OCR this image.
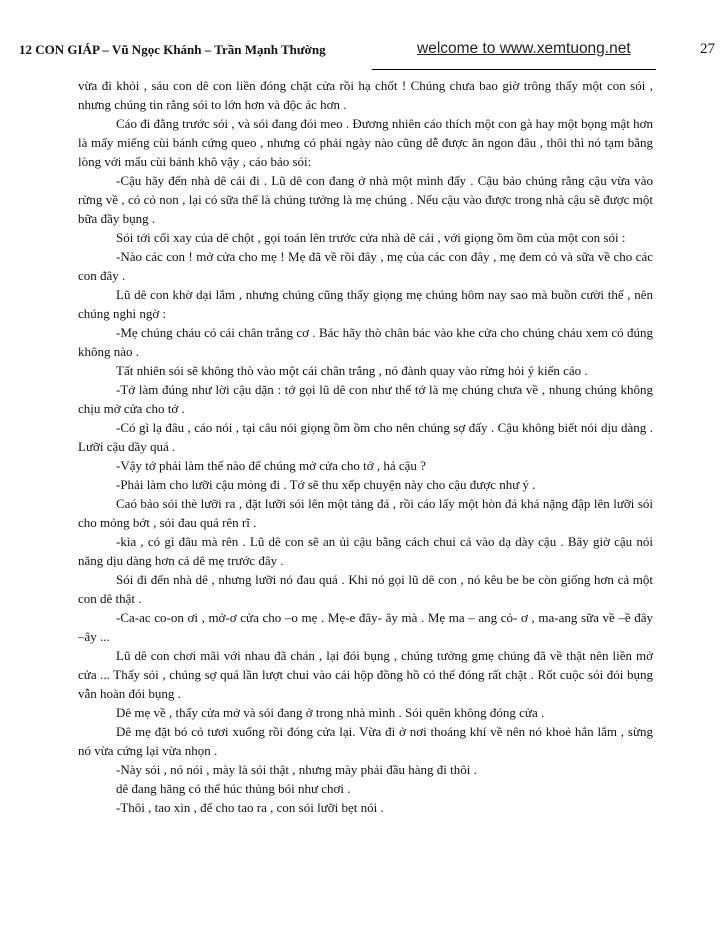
12 CON GIÁP – Vũ Ngọc Khánh – Trần Mạnh Thường	welcome to www.xemtuong.net	27

vừa đi khỏi , sáu con dê con liền đóng chặt cửa rồi hạ chốt ! Chúng chưa bao giờ trông thấy một con sói , nhưng chúng tin rằng sói to lớn hơn và độc ác hơn .

Cáo đi đằng trước sói , và sói đang đói meo . Đương nhiên cáo thích một con gà hay một bọng mật hơn là mấy miếng cùi bánh cứng queo , nhưng có phải ngày nào cũng dễ được ăn ngon đâu , thôi thì nó tạm bằng lòng với mẩu cùi bánh khô vậy , cáo bảo sói:

-Cậu hãy đến nhà dê cái đi . Lũ dê con đang ở nhà một mình đấy . Cậu bảo chúng rằng cậu vừa vào rừng về , có cỏ non , lại có sữa thế là chúng tưởng là mẹ chúng . Nếu cậu vào được trong nhà cậu sẽ được một bữa đầy bụng .

Sói tới cối xay của dê chột , gọi toán lên trước cửa nhà dê cái , với giọng ồm ồm của một con sói :

-Nào các con ! mở cửa cho mẹ ! Mẹ đã về rồi đây , mẹ của các con đây , mẹ đem cỏ và sữa về cho các con đây .

Lũ dê con khờ dại lắm , nhưng chúng cũng thấy giọng mẹ chúng hôm nay sao mà buồn cười thế , nên chúng nghi ngờ :

-Mẹ chúng cháu có cái chân trắng cơ . Bác hãy thò chân bác vào khe cửa cho chúng cháu xem có đúng không nào .

Tất nhiên sói sẽ không thò vào một cái chân trắng , nó đành quay vào rừng hỏi ý kiến cáo .

-Tớ làm đúng như lời cậu dặn : tớ gọi lũ dê con như thể tớ là mẹ chúng chưa về , nhung chúng không chịu mở cửa cho tớ .

-Có gì lạ đâu , cáo nói , tại câu nói giọng ồm ồm cho nên chúng sợ đấy . Cậu không biết nói dịu dàng . Lưỡi cậu dầy quá .

-Vậy tớ phải làm thế nào để chúng mở cửa cho tớ , hả cậu ?

-Phải làm cho lưỡi cậu mỏng đi . Tớ sẽ thu xếp chuyện này cho cậu được như ý .

Caó bảo sói thè lưỡi ra , đặt lưỡi sói lên một tảng đá , rồi cáo lấy một hòn đá khá nặng đập lên lưỡi sói cho mỏng bớt , sói đau quá rên rĩ .

-kìa , có gì đâu mà rên . Lũ dê con sẽ an ủi cậu bằng cách chui cả vào dạ dày cậu . Bây giờ cậu nói năng dịu dàng hơn cả dê mẹ trước đây .

Sói đi đến nhà dê , nhưng lưỡi nó đau quá . Khi nó gọi lũ dê con , nó kêu be be còn giống hơn cả một con dê thật .

-Ca-ac co-on ơi , mở-ơ cửa cho –o mẹ . Mẹ-e đây- ây mà . Mẹ ma – ang cỏ- ơ , ma-ang sữa về –ề đây –ây ...

Lũ dê con chơi mãi với nhau đã chán , lại đói bụng , chúng tưởng gmẹ chúng đã về thật nên liền mở cửa ... Thấy sói , chúng sợ quá lần lượt chui vào cái hộp đồng hồ có thể đóng rất chặt . Rốt cuộc sói đói bụng vẫn hoàn đói bụng .

Dê mẹ về , thấy cửa mở và sói đang ở trong nhà mình . Sói quên không đóng cửa .

Dê mẹ đặt bó cỏ tươi xuống rồi đóng cửa lại. Vừa đi ở nơi thoáng khí về nên nó khoẻ hẳn lắm , sừng nó vừa cứng lại vừa nhọn .

-Này sói , nó nói , mày là sói thật , nhưng mày phải đầu hàng đi thôi .

dê đang hăng có thể húc thủng bói như chơi .

-Thôi , tao xin , để cho tao ra , con sói lưỡi bẹt nói .
